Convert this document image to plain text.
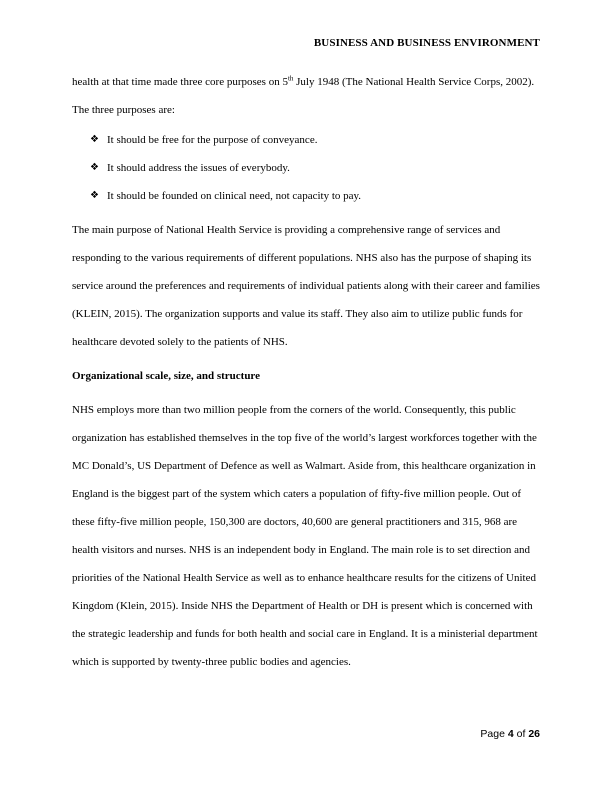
BUSINESS AND BUSINESS ENVIRONMENT

health at that time made three core purposes on 5th July 1948 (The National Health Service Corps, 2002). The three purposes are:

❖ It should be free for the purpose of conveyance.
❖ It should address the issues of everybody.
❖ It should be founded on clinical need, not capacity to pay.

The main purpose of National Health Service is providing a comprehensive range of services and responding to the various requirements of different populations. NHS also has the purpose of shaping its service around the preferences and requirements of individual patients along with their career and families (KLEIN, 2015). The organization supports and value its staff. They also aim to utilize public funds for healthcare devoted solely to the patients of NHS.

Organizational scale, size, and structure

NHS employs more than two million people from the corners of the world. Consequently, this public organization has established themselves in the top five of the world’s largest workforces together with the MC Donald’s, US Department of Defence as well as Walmart. Aside from, this healthcare organization in England is the biggest part of the system which caters a population of fifty-five million people. Out of these fifty-five million people, 150,300 are doctors, 40,600 are general practitioners and 315, 968 are health visitors and nurses. NHS is an independent body in England. The main role is to set direction and priorities of the National Health Service as well as to enhance healthcare results for the citizens of United Kingdom (Klein, 2015). Inside NHS the Department of Health or DH is present which is concerned with the strategic leadership and funds for both health and social care in England. It is a ministerial department which is supported by twenty-three public bodies and agencies.

Page 4 of 26
